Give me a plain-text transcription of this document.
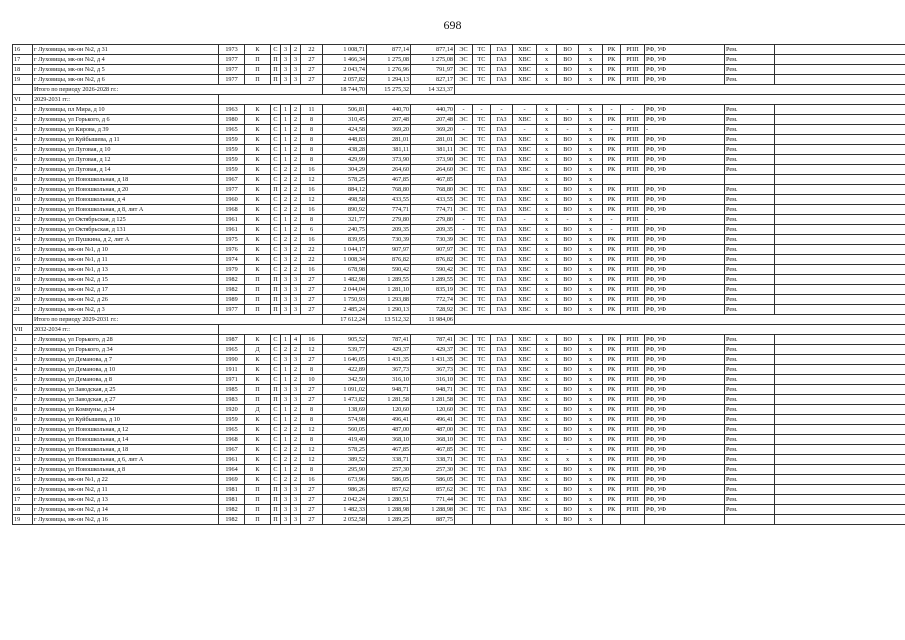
698
16	г Луховицы, мк-он №2, д 31	1973	К	С	3	2	22	1 008,71	877,14	877,14	ЭС	ТС	ГАЗ	ХВС	х	ВО	х	РК	РПП	РФ, УФ	Рем.	
17	г Луховицы, мк-он №2, д 4	1977	П	П	3	3	27	1 466,34	1 275,08	1 275,08	ЭС	ТС	ГАЗ	ХВС	х	ВО	х	РК	РПП	РФ, УФ	Рем.	
18	г Луховицы, мк-он №2, д 5	1977	П	П	3	3	27	2 043,74	1 276,96	791,97	ЭС	ТС	ГАЗ	ХВС	х	ВО	х	РК	РПП	РФ, УФ	Рем.	
19	г Луховицы, мк-он №2, д 6	1977	П	П	3	3	27	2 057,82	1 294,13	827,17	ЭС	ТС	ГАЗ	ХВС	х	ВО	х	РК	РПП	РФ, УФ	Рем.	
	Итого по периоду 2026-2028 гг.:							18 744,70	15 275,32	14 323,37												
VI	2029-2031 гг.:																					
1	г Луховицы, пл Мира, д 10	1963	К	С	1	2	11	506,81	440,70	440,70	-	-	-	-	х	-	х	-	-	РФ, УФ	Рем.	
2	г Луховицы, ул Горького, д 6	1980	К	С	1	2	8	310,45	207,48	207,48	ЭС	ТС	ГАЗ	ХВС	х	ВО	х	РК	РПП	РФ, УФ	Рем.	
3	г Луховицы, ул Кирова, д 39	1965	К	С	1	2	8	424,58	369,20	369,20	-	ТС	ГАЗ	-	х	-	х	-	РПП	-	Рем.	
4	г Луховицы, ул Куйбышева, д 11	1959	К	С	1	2	8	448,83	281,01	281,01	ЭС	ТС	ГАЗ	ХВС	х	ВО	х	РК	РПП	РФ, УФ	Рем.	
5	г Луховицы, ул Луговая, д 10	1959	К	С	1	2	8	438,28	381,11	381,11	ЭС	ТС	ГАЗ	ХВС	х	ВО	х	РК	РПП	РФ, УФ	Рем.	
6	г Луховицы, ул Луговая, д 12	1959	К	С	1	2	8	429,99	373,90	373,90	ЭС	ТС	ГАЗ	ХВС	х	ВО	х	РК	РПП	РФ, УФ	Рем.	
7	г Луховицы, ул Луговая, д 14	1959	К	С	2	2	16	304,29	264,60	264,60	ЭС	ТС	ГАЗ	ХВС	х	ВО	х	РК	РПП	РФ, УФ	Рем.	
8	г Луховицы, ул Новошкольная, д 18	1967	К	С	2	2	12	578,25	467,85	467,85			ГАЗ		х	ВО	х					
9	г Луховицы, ул Новошкольная, д 20	1977	К	П	2	2	16	884,12	768,80	768,80	ЭС	ТС	ГАЗ	ХВС	х	ВО	х	РК	РПП	РФ, УФ	Рем.	
10	г Луховицы, ул Новошкольная, д 4	1960	К	С	2	2	12	498,58	433,55	433,55	ЭС	ТС	ГАЗ	ХВС	х	ВО	х	РК	РПП	РФ, УФ	Рем.	
11	г Луховицы, ул Новошкольная, д 8, лит А	1968	К	С	2	2	16	890,92	774,71	774,71	ЭС	ТС	ГАЗ	ХВС	х	ВО	х	РК	РПП	РФ, УФ	Рем.	
12	г Луховицы, ул Октябрьская, д 125	1961	К	С	1	2	8	321,77	279,80	279,80	-	ТС	ГАЗ	-	х	-	х	-	РПП	-	Рем.	
13	г Луховицы, ул Октябрьская, д 131	1961	К	С	1	2	6	240,75	209,35	209,35	-	ТС	ГАЗ	ХВС	х	ВО	х	-	РПП	РФ, УФ	Рем.	
14	г Луховицы, ул Пушкина, д 2, лит А	1975	К	С	2	2	16	839,95	730,39	730,39	ЭС	ТС	ГАЗ	ХВС	х	ВО	х	РК	РПП	РФ, УФ	Рем.	
15	г Луховицы, мк-он №1, д 10	1976	К	С	3	2	22	1 044,17	907,97	907,97	ЭС	ТС	ГАЗ	ХВС	х	ВО	х	РК	РПП	РФ, УФ	Рем.	
16	г Луховицы, мк-он №1, д 11	1974	К	С	3	2	22	1 008,34	876,82	876,82	ЭС	ТС	ГАЗ	ХВС	х	ВО	х	РК	РПП	РФ, УФ	Рем.	
17	г Луховицы, мк-он №1, д 13	1979	К	С	2	2	16	678,98	590,42	590,42	ЭС	ТС	ГАЗ	ХВС	х	ВО	х	РК	РПП	РФ, УФ	Рем.	
18	г Луховицы, мк-он №2, д 15	1982	П	П	3	3	27	1 482,98	1 289,55	1 289,55	ЭС	ТС	ГАЗ	ХВС	х	ВО	х	РК	РПП	РФ, УФ	Рем.	
19	г Луховицы, мк-он №2, д 17	1982	П	П	3	3	27	2 044,04	1 281,10	835,19	ЭС	ТС	ГАЗ	ХВС	х	ВО	х	РК	РПП	РФ, УФ	Рем.	
20	г Луховицы, мк-он №2, д 26	1989	П	П	3	3	27	1 750,93	1 293,88	772,74	ЭС	ТС	ГАЗ	ХВС	х	ВО	х	РК	РПП	РФ, УФ	Рем.	
21	г Луховицы, мк-он №2, д 3	1977	П	П	3	3	27	2 485,24	1 290,13	728,92	ЭС	ТС	ГАЗ	ХВС	х	ВО	х	РК	РПП	РФ, УФ	Рем.	
	Итого по периоду 2029-2031 гг.:							17 612,24	13 512,32	11 984,06												
VII	2032-2034 гг.:																					
1	г Луховицы, ул Горького, д 28	1987	К	С	1	4	16	905,52	787,41	787,41	ЭС	ТС	ГАЗ	ХВС	х	ВО	х	РК	РПП	РФ, УФ	Рем.	
2	г Луховицы, ул Горького, д 34	1965	Д	С	2	2	12	539,77	429,37	429,37	ЭС	ТС	ГАЗ	ХВС	х	ВО	х	РК	РПП	РФ, УФ	Рем.	
3	г Луховицы, ул Деманова, д 7	1990	К	С	3	3	27	1 646,05	1 431,35	1 431,35	ЭС	ТС	ГАЗ	ХВС	х	ВО	х	РК	РПП	РФ, УФ	Рем.	
4	г Луховицы, ул Деманова, д 10	1911	К	С	1	2	8	422,89	367,73	367,73	ЭС	ТС	ГАЗ	ХВС	х	ВО	х	РК	РПП	РФ, УФ	Рем.	
5	г Луховицы, ул Деманова, д 8	1971	К	С	1	2	10	342,50	316,10	316,10	ЭС	ТС	ГАЗ	ХВС	х	ВО	х	РК	РПП	РФ, УФ	Рем.	
6	г Луховицы, ул Заводская, д 25	1985	П	П	3	3	27	1 091,02	948,71	948,71	ЭС	ТС	ГАЗ	ХВС	х	ВО	х	РК	РПП	РФ, УФ	Рем.	
7	г Луховицы, ул Заводская, д 27	1983	П	П	3	3	27	1 473,82	1 281,58	1 281,58	ЭС	ТС	ГАЗ	ХВС	х	ВО	х	РК	РПП	РФ, УФ	Рем.	
8	г Луховицы, ул Коммуны, д 34	1920	Д	С	1	2	8	138,69	120,60	120,60	ЭС	ТС	ГАЗ	ХВС	х	ВО	х	РК	РПП	РФ, УФ	Рем.	
9	г Луховицы, ул Куйбышева, д 10	1959	К	С	1	2	8	574,98	496,41	496,41	ЭС	ТС	ГАЗ	ХВС	х	ВО	х	РК	РПП	РФ, УФ	Рем.	
10	г Луховицы, ул Новошкольная, д 12	1965	К	С	2	2	12	560,05	487,00	487,00	ЭС	ТС	ГАЗ	ХВС	х	ВО	х	РК	РПП	РФ, УФ	Рем.	
11	г Луховицы, ул Новошкольная, д 14	1968	К	С	1	2	8	419,40	368,10	368,10	ЭС	ТС	ГАЗ	ХВС	х	ВО	х	РК	РПП	РФ, УФ	Рем.	
12	г Луховицы, ул Новошкольная, д 18	1967	К	С	2	2	12	578,25	467,85	467,85	ЭС	ТС	-	ХВС	х	-	х	РК	РПП	РФ, УФ	Рем.	
13	г Луховицы, ул Новошкольная, д 6, лит А	1961	К	С	2	2	12	389,52	338,71	338,71	ЭС	ТС	ГАЗ	ХВС	х	х	х	РК	РПП	РФ, УФ	Рем.	
14	г Луховицы, ул Новошкольная, д 8	1964	К	С	1	2	8	295,90	257,30	257,30	ЭС	ТС	ГАЗ	ХВС	х	ВО	х	РК	РПП	РФ, УФ	Рем.	
15	г Луховицы, мк-он №1, д 22	1969	К	С	2	2	16	673,96	586,05	586,05	ЭС	ТС	ГАЗ	ХВС	х	ВО	х	РК	РПП	РФ, УФ	Рем.	
16	г Луховицы, мк-он №2, д 11	1981	П	П	3	3	27	986,26	857,62	857,62	ЭС	ТС	ГАЗ	ХВС	х	ВО	х	РК	РПП	РФ, УФ	Рем.	
17	г Луховицы, мк-он №2, д 13	1981	П	П	3	3	27	2 042,24	1 280,51	771,44	ЭС	ТС	ГАЗ	ХВС	х	ВО	х	РК	РПП	РФ, УФ	Рем.	
18	г Луховицы, мк-он №2, д 14	1982	П	П	3	3	27	1 482,33	1 288,98	1 288,98	ЭС	ТС	ГАЗ	ХВС	х	ВО	х	РК	РПП	РФ, УФ	Рем.	
19	г Луховицы, мк-он №2, д 16	1982	П	П	3	3	27	2 052,58	1 289,25	887,75					х	ВО	х					
